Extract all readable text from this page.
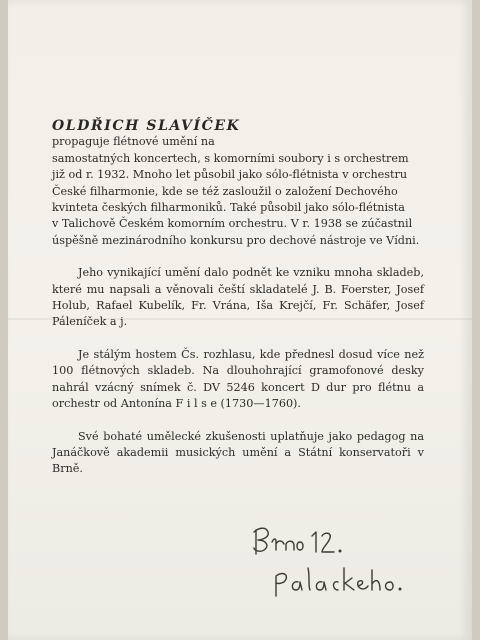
OLDŘICH SLAVÍČEK
propaguje flétnové umění na
samostatných koncertech, s komorními soubory i s orchestrem
již od r. 1932. Mnoho let působil jako sólo-flétnista v orchestru
České filharmonie, kde se též zasloužil o založení Dechového
kvinteta českých filharmoniků. Také působil jako sólo-flétnista
v Talichově Českém komorním orchestru. V r. 1938 se zúčastnil
úspěšně mezinárodního konkursu pro dechové nástroje ve Vídni.

Jeho vynikající umění dalo podnět ke vzniku mnoha skladeb, které mu napsali a věnovali čeští skladatelé J. B. Foerster, Josef Holub, Rafael Kubelík, Fr. Vrána, Iša Krejčí, Fr. Schäfer, Josef Páleníček a j.

Je stálým hostem Čs. rozhlasu, kde přednesl dosud více než 100 flétnových skladeb. Na dlouhohrající gramofonové desky nahrál vzácný snímek č. DV 5246 koncert D dur pro flétnu a orchestr od Antonína F i l s e (1730—1760).

Své bohaté umělecké zkušenosti uplatňuje jako pedagog na Janáčkově akademii musických umění a Státní konservatoři v Brně.
